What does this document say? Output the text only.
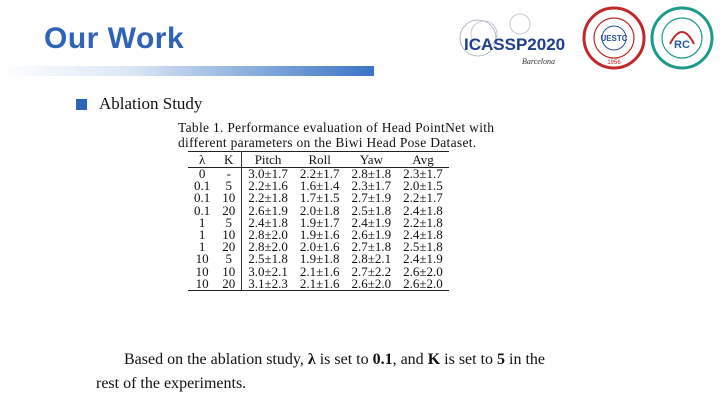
Our Work	ICASSP2020
Barcelona
UESTC
1956
RC
Ablation Study

Table 1. Performance evaluation of Head PointNet with

different parameters on the Biwi Head Pose Dataset.

λ	K	Pitch	Roll	Yaw	Avg
0	-	3.0±1.7	2.2±1.7	2.8±1.8	2.3±1.7
0.1	5	2.2±1.6	1.6±1.4	2.3±1.7	2.0±1.5
0.1	10	2.2±1.8	1.7±1.5	2.7±1.9	2.2±1.7
0.1	20	2.6±1.9	2.0±1.8	2.5±1.8	2.4±1.8
1	5	2.4±1.8	1.9±1.7	2.4±1.9	2.2±1.8
1	10	2.8±2.0	1.9±1.6	2.6±1.9	2.4±1.8
1	20	2.8±2.0	2.0±1.6	2.7±1.8	2.5±1.8
10	5	2.5±1.8	1.9±1.8	2.8±2.1	2.4±1.9
10	10	3.0±2.1	2.1±1.6	2.7±2.2	2.6±2.0
10	20	3.1±2.3	2.1±1.6	2.6±2.0	2.6±2.0
Based on the ablation study, λ is set to 0.1, and K is set to 5 in the
rest of the experiments.
